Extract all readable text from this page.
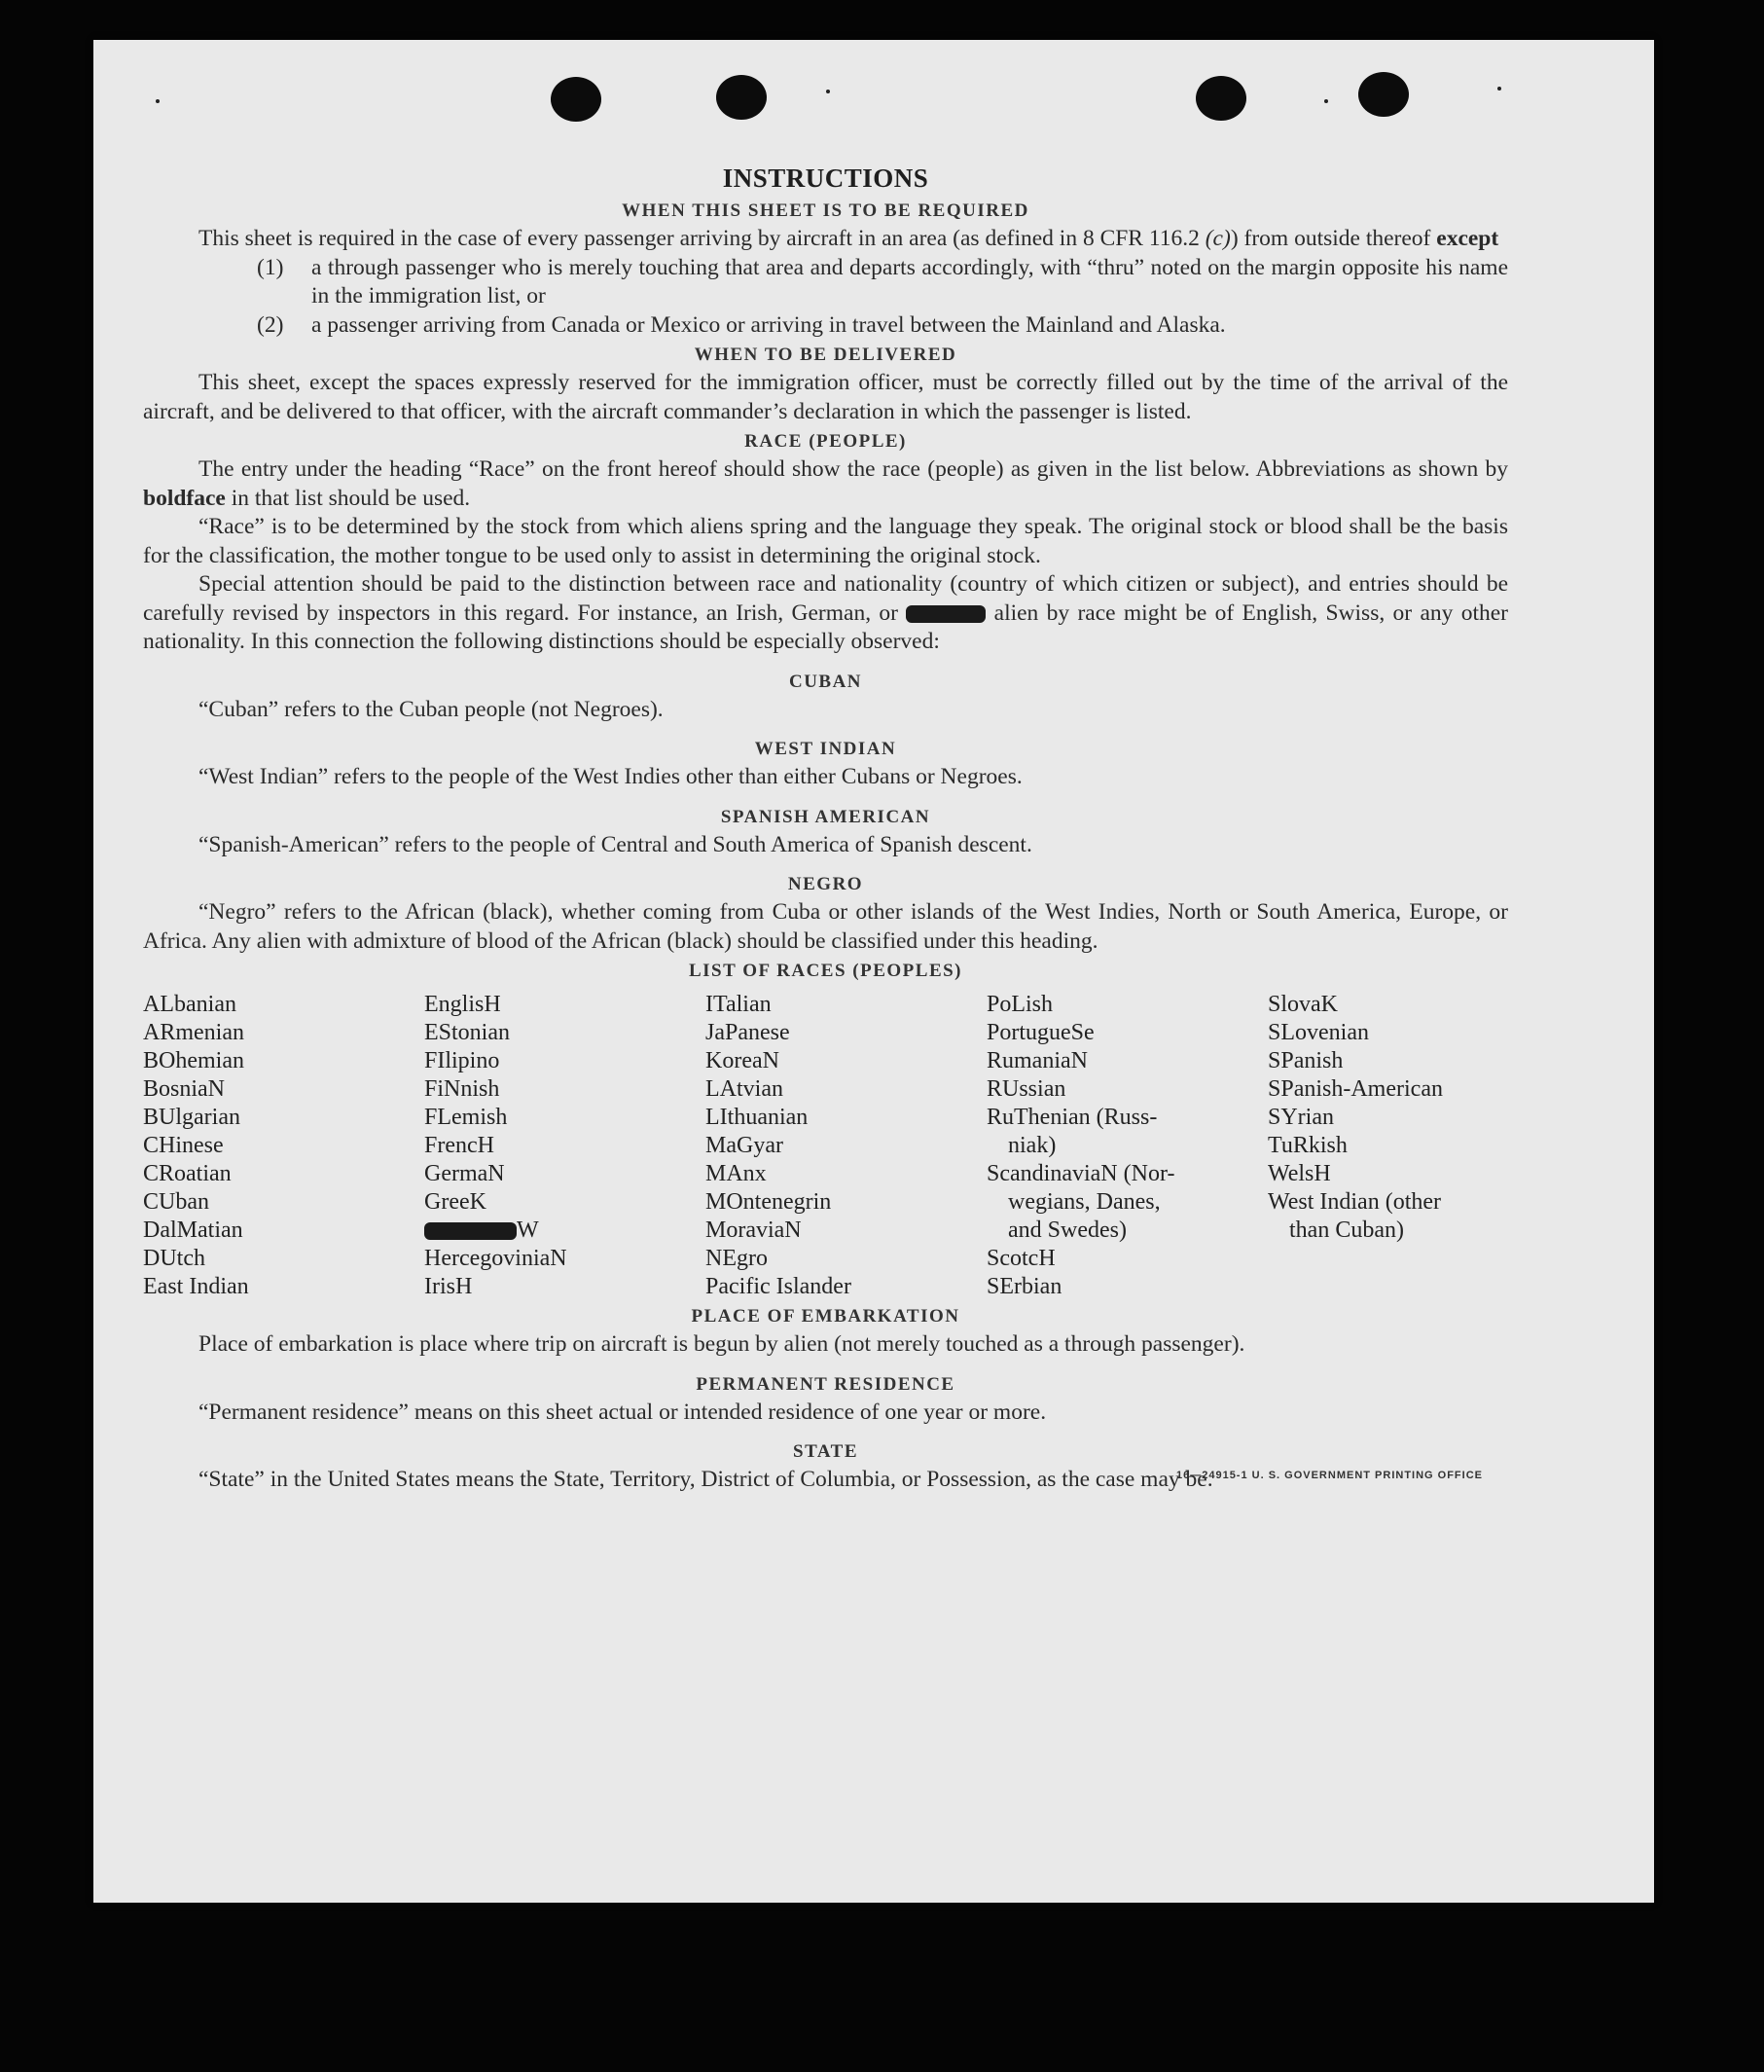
INSTRUCTIONS
WHEN THIS SHEET IS TO BE REQUIRED

This sheet is required in the case of every passenger arriving by aircraft in an area (as defined in 8 CFR 116.2 (c)) from outside thereof except

(1)	a through passenger who is merely touching that area and departs accordingly, with “thru” noted on the margin opposite his name in the immigration list, or
(2)	a passenger arriving from Canada or Mexico or arriving in travel between the Mainland and Alaska.
WHEN TO BE DELIVERED

This sheet, except the spaces expressly reserved for the immigration officer, must be correctly filled out by the time of the arrival of the aircraft, and be delivered to that officer, with the aircraft commander’s declaration in which the passenger is listed.

RACE (PEOPLE)

The entry under the heading “Race” on the front hereof should show the race (people) as given in the list below. Abbreviations as shown by boldface in that list should be used.

“Race” is to be determined by the stock from which aliens spring and the language they speak. The original stock or blood shall be the basis for the classification, the mother tongue to be used only to assist in determining the original stock.

Special attention should be paid to the distinction between race and nationality (country of which citizen or subject), and entries should be carefully revised by inspectors in this regard. For instance, an Irish, German, or	alien by race might be of English, Swiss, or any other nationality. In this connection the following distinctions should be especially observed:

CUBAN

“Cuban” refers to the Cuban people (not Negroes).

WEST INDIAN

“West Indian” refers to the people of the West Indies other than either Cubans or Negroes.

SPANISH AMERICAN

“Spanish-American” refers to the people of Central and South America of Spanish descent.

NEGRO

“Negro” refers to the African (black), whether coming from Cuba or other islands of the West Indies, North or South America, Europe, or Africa. Any alien with admixture of blood of the African (black) should be classified under this heading.

LIST OF RACES (PEOPLES)
ALbanian
ARmenian
BOhemian
BosniaN
BUlgarian
CHinese
CRoatian
CUban
DalMatian
DUtch
East Indian
EnglisH
EStonian
FIlipino
FiNnish
FLemish
FrencH
GermaN
GreeK
W
HercegoviniaN
IrisH
ITalian
JaPanese
KoreaN
LAtvian
LIthuanian
MaGyar
MAnx
MOntenegrin
MoraviaN
NEgro
Pacific Islander
PoLish
PortugueSe
RumaniaN
RUssian
RuThenian (Russ-
niak)
ScandinaviaN (Nor-
wegians, Danes,
and Swedes)
ScotcH
SErbian
SlovaK
SLovenian
SPanish
SPanish-American
SYrian
TuRkish
WelsH
West Indian (other
than Cuban)
PLACE OF EMBARKATION

Place of embarkation is place where trip on aircraft is begun by alien (not merely touched as a through passenger).

PERMANENT RESIDENCE

“Permanent residence” means on this sheet actual or intended residence of one year or more.

STATE

“State” in the United States means the State, Territory, District of Columbia, or Possession, as the case may be.

16—24915-1 U. S. GOVERNMENT PRINTING OFFICE
